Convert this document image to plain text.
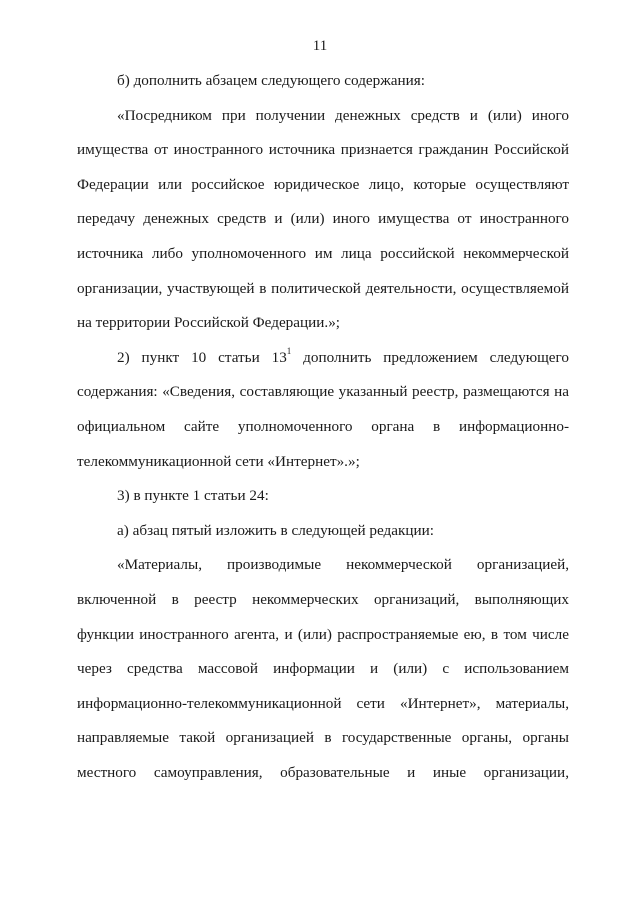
11
б) дополнить абзацем следующего содержания:
«Посредником при получении денежных средств и (или) иного
имущества от иностранного источника признается гражданин Российской
Федерации или российское юридическое лицо, которые осуществляют
передачу денежных средств и (или) иного имущества от иностранного
источника либо уполномоченного им лица российской некоммерческой
организации, участвующей в политической деятельности, осуществляемой
на территории Российской Федерации.»;
2) пункт 10 статьи $13^1$ дополнить предложением следующего
содержания: «Сведения, составляющие указанный реестр, размещаются на
официальном сайте уполномоченного органа в информационно-
телекоммуникационной сети «Интернет».»;
3) в пункте 1 статьи 24:
а) абзац пятый изложить в следующей редакции:
«Материалы, производимые некоммерческой организацией,
включенной в реестр некоммерческих организаций, выполняющих
функции иностранного агента, и (или) распространяемые ею, в том числе
через средства массовой информации и (или) с использованием
информационно-телекоммуникационной сети «Интернет», материалы,
направляемые такой организацией в государственные органы, органы
местного самоуправления, образовательные и иные организации,
